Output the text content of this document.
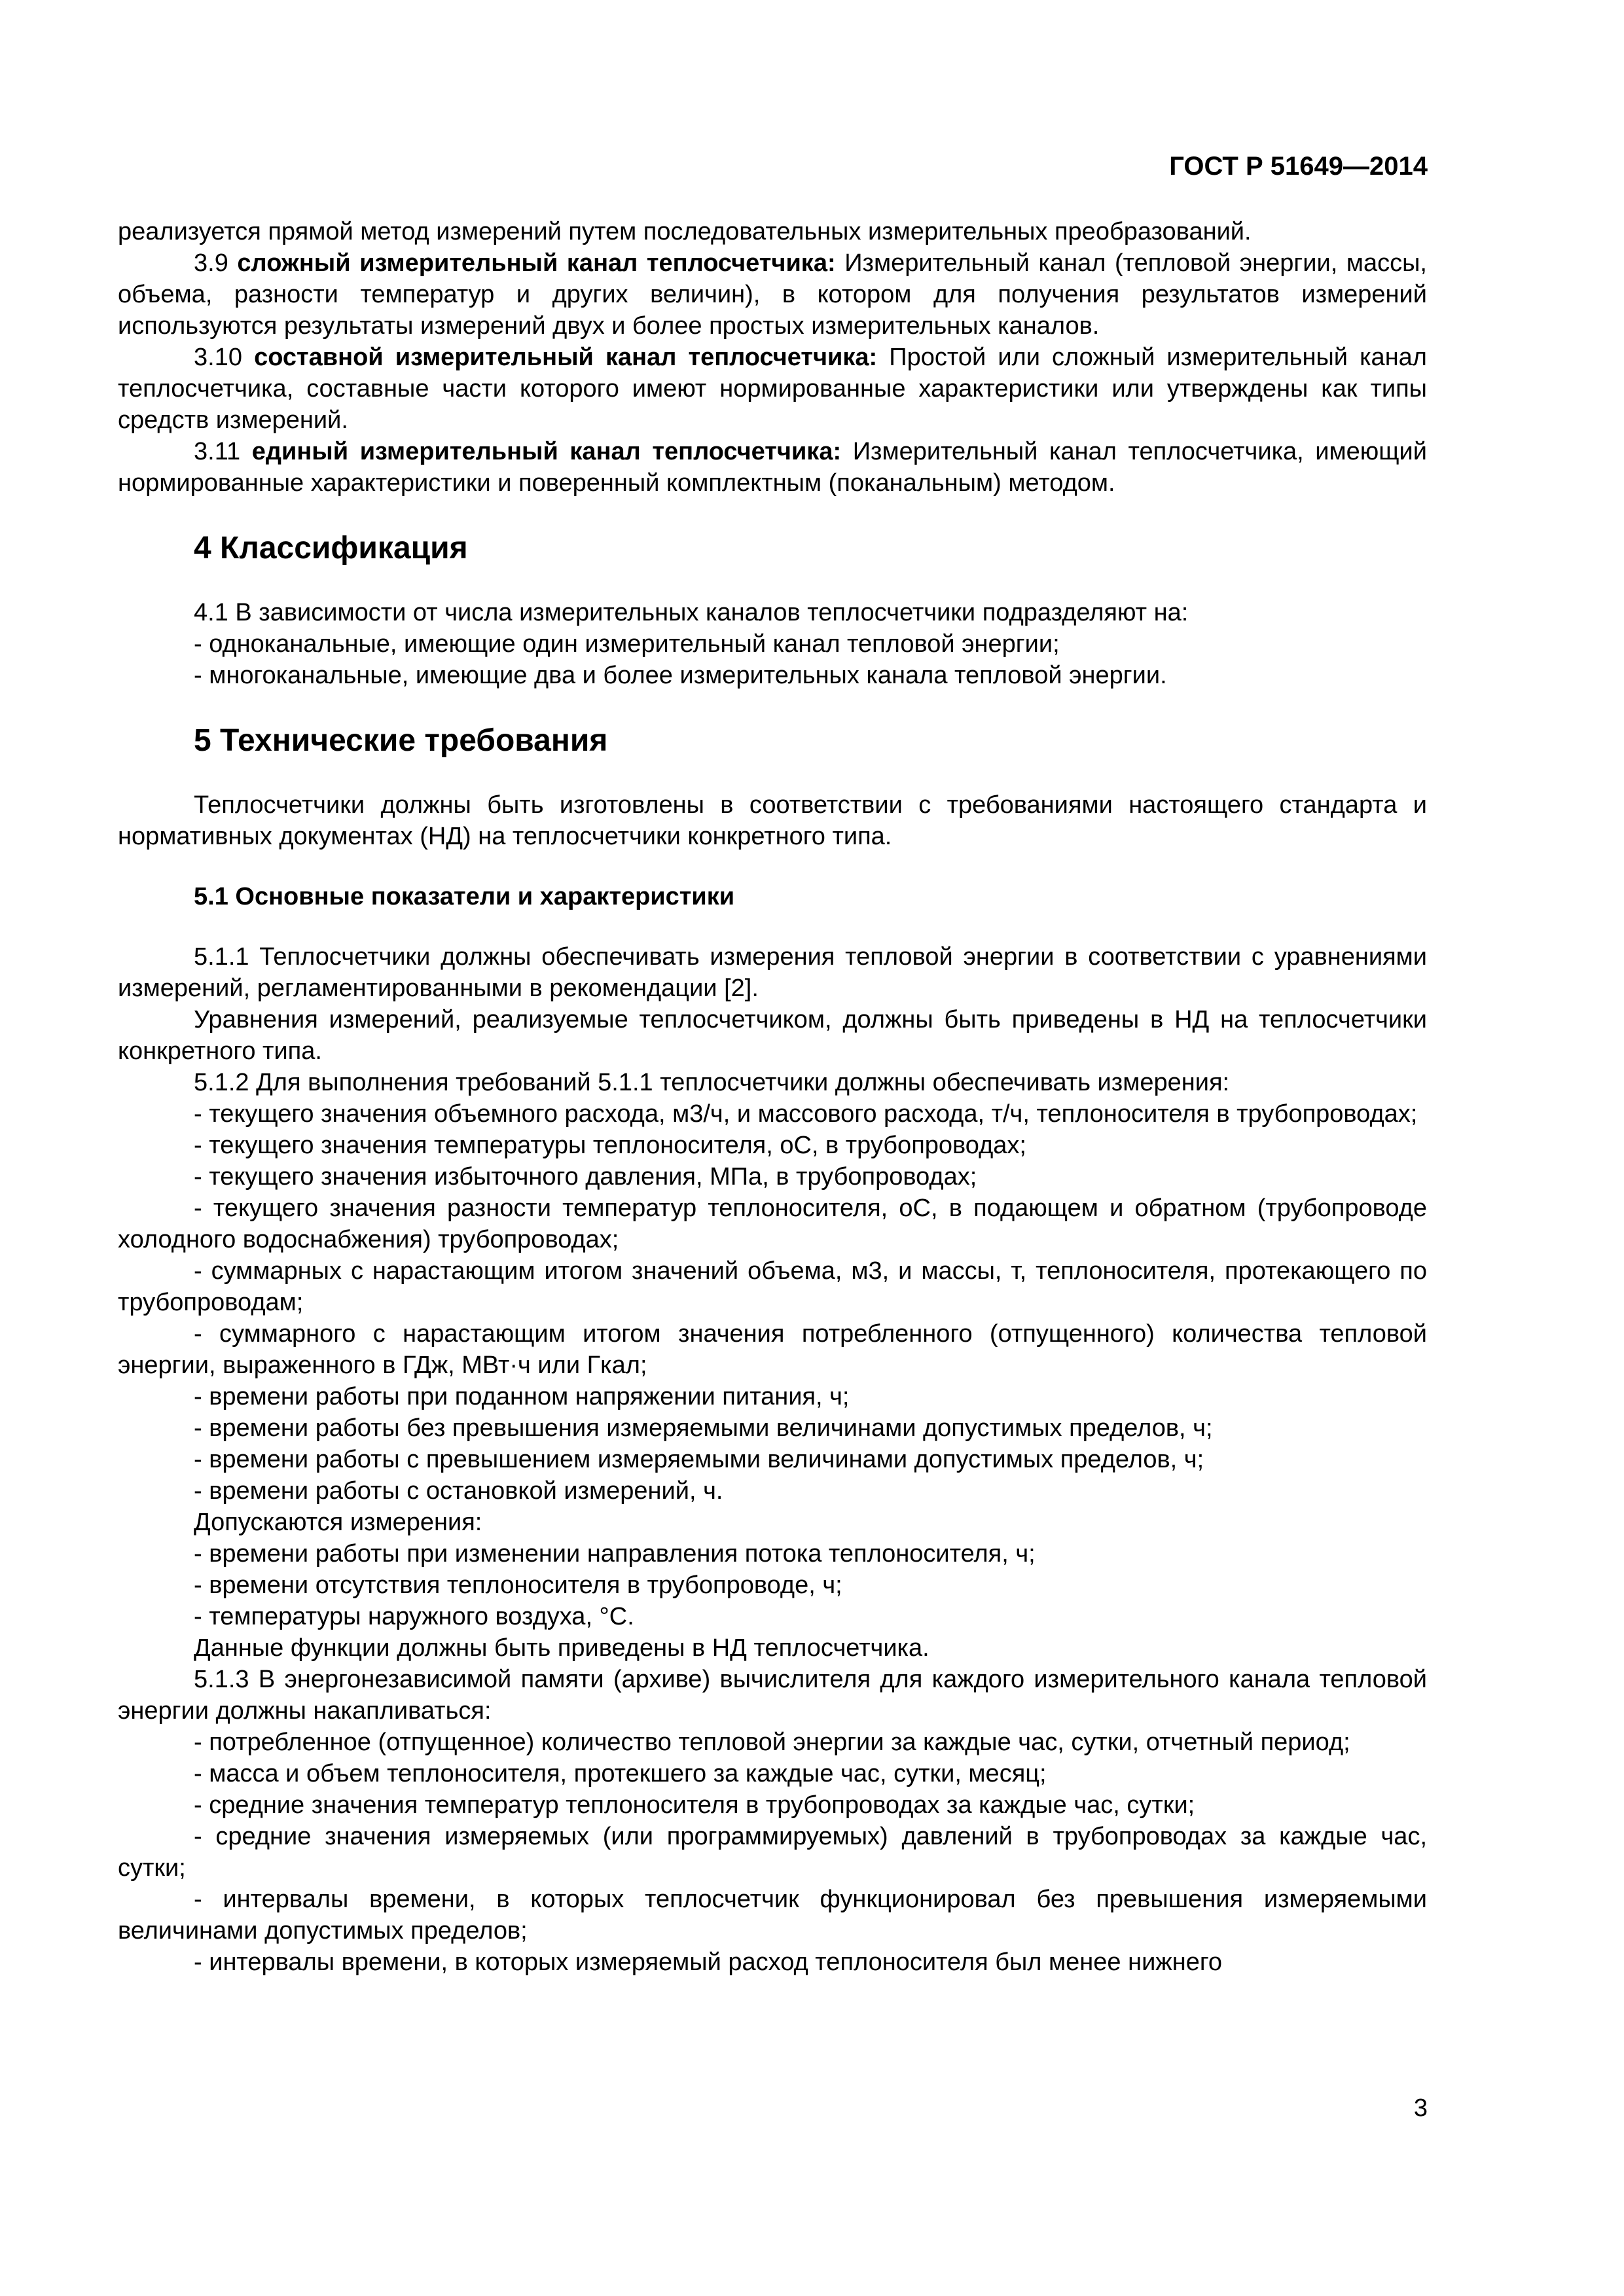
ГОСТ Р 51649—2014

реализуется прямой метод измерений путем последовательных измерительных преобразований.

3.9 сложный измерительный канал теплосчетчика: Измерительный канал (тепловой энергии, массы, объема, разности температур и других величин), в котором для получения результатов измерений используются результаты измерений двух и более простых измерительных каналов.

3.10 составной измерительный канал теплосчетчика: Простой или сложный измерительный канал теплосчетчика, составные части которого имеют нормированные характеристики или утверждены как типы средств измерений.

3.11 единый измерительный канал теплосчетчика: Измерительный канал теплосчетчика, имеющий нормированные характеристики и поверенный комплектным (поканальным) методом.

4 Классификация

4.1 В зависимости от числа измерительных каналов теплосчетчики подразделяют на:

- одноканальные, имеющие один измерительный канал тепловой энергии;

- многоканальные, имеющие два и более измерительных канала тепловой энергии.

5 Технические требования

Теплосчетчики должны быть изготовлены в соответствии с требованиями настоящего стандарта и нормативных документах (НД) на теплосчетчики конкретного типа.

5.1 Основные показатели и характеристики

5.1.1 Теплосчетчики должны обеспечивать измерения тепловой энергии в соответствии с уравнениями измерений, регламентированными в рекомендации [2].

Уравнения измерений, реализуемые теплосчетчиком, должны быть приведены в НД на теплосчетчики конкретного типа.

5.1.2 Для выполнения требований 5.1.1 теплосчетчики должны обеспечивать измерения:

- текущего значения объемного расхода, м3/ч, и массового расхода, т/ч, теплоносителя в трубопроводах;

- текущего значения температуры теплоносителя, оС, в трубопроводах;

- текущего значения избыточного давления, МПа, в трубопроводах;

- текущего значения разности температур теплоносителя, оС, в подающем и обратном (трубопроводе холодного водоснабжения) трубопроводах;

- суммарных с нарастающим итогом значений объема, м3, и массы, т, теплоносителя, протекающего по трубопроводам;

- суммарного с нарастающим итогом значения потребленного (отпущенного) количества тепловой энергии, выраженного в ГДж, МВт·ч или Гкал;

- времени работы при поданном напряжении питания, ч;

- времени работы без превышения измеряемыми величинами допустимых пределов, ч;

- времени работы с превышением измеряемыми величинами допустимых пределов, ч;

- времени работы с остановкой измерений, ч.

Допускаются измерения:

- времени работы при изменении направления потока теплоносителя, ч;

- времени отсутствия теплоносителя в трубопроводе, ч;

- температуры наружного воздуха, °С.

Данные функции должны быть приведены в НД теплосчетчика.

5.1.3 В энергонезависимой памяти (архиве) вычислителя для каждого измерительного канала тепловой энергии должны накапливаться:

- потребленное (отпущенное) количество тепловой энергии за каждые час, сутки, отчетный период;

- масса и объем теплоносителя, протекшего за каждые час, сутки, месяц;

- средние значения температур теплоносителя в трубопроводах за каждые час, сутки;

- средние значения измеряемых (или программируемых) давлений в трубопроводах за каждые час, сутки;

- интервалы времени, в которых теплосчетчик функционировал без превышения измеряемыми величинами допустимых пределов;

- интервалы времени, в которых измеряемый расход теплоносителя был менее нижнего

3
